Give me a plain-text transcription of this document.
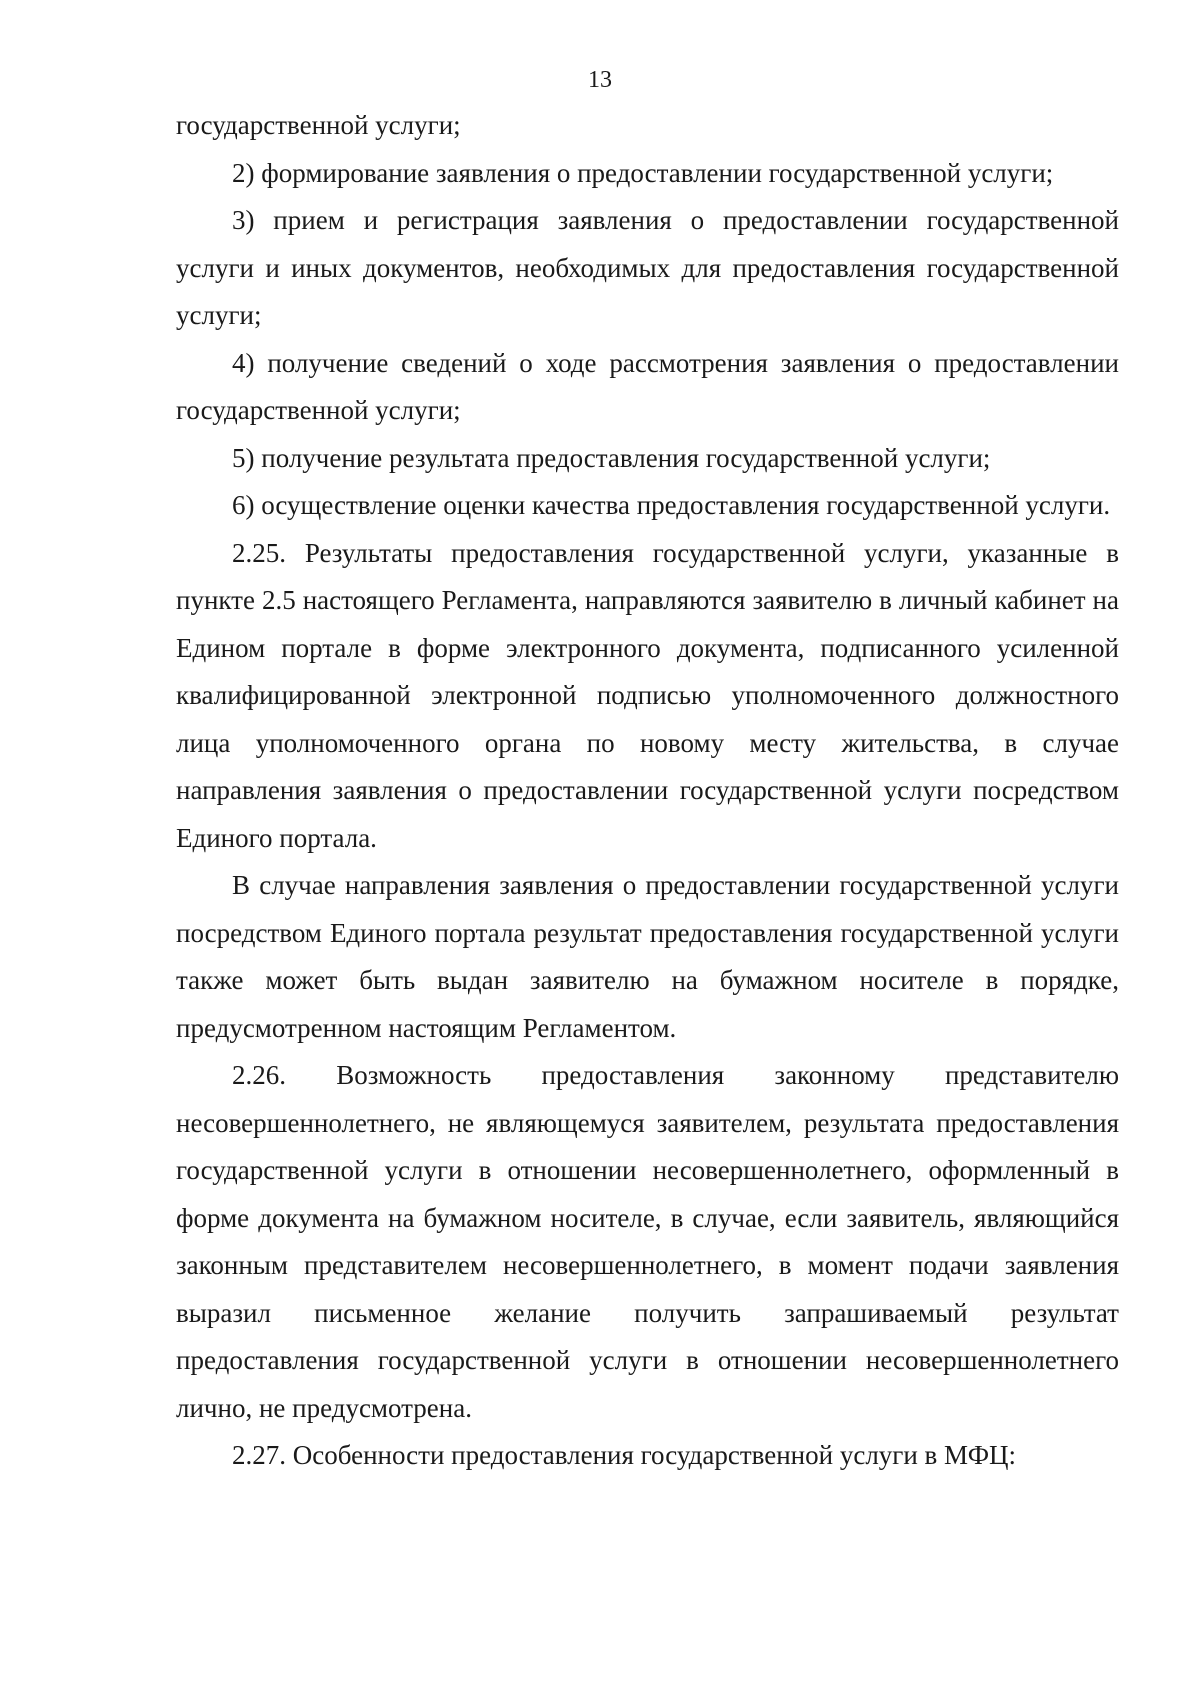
13

государственной услуги;

2) формирование заявления о предоставлении государственной услуги;

3) прием и регистрация заявления о предоставлении государственной услуги и иных документов, необходимых для предоставления государственной услуги;

4) получение сведений о ходе рассмотрения заявления о предоставлении государственной услуги;

5) получение результата предоставления государственной услуги;

6) осуществление оценки качества предоставления государственной услуги.

2.25. Результаты предоставления государственной услуги, указанные в пункте 2.5 настоящего Регламента, направляются заявителю в личный кабинет на Едином портале в форме электронного документа, подписанного усиленной квалифицированной электронной подписью уполномоченного должностного лица уполномоченного органа по новому месту жительства, в случае направления заявления о предоставлении государственной услуги посредством Единого портала.

В случае направления заявления о предоставлении государственной услуги посредством Единого портала результат предоставления государственной услуги также может быть выдан заявителю на бумажном носителе в порядке, предусмотренном настоящим Регламентом.

2.26. Возможность предоставления законному представителю несовершеннолетнего, не являющемуся заявителем, результата предоставления государственной услуги в отношении несовершеннолетнего, оформленный в форме документа на бумажном носителе, в случае, если заявитель, являющийся законным представителем несовершеннолетнего, в момент подачи заявления выразил письменное желание получить запрашиваемый результат предоставления государственной услуги в отношении несовершеннолетнего лично, не предусмотрена.

2.27. Особенности предоставления государственной услуги в МФЦ:
